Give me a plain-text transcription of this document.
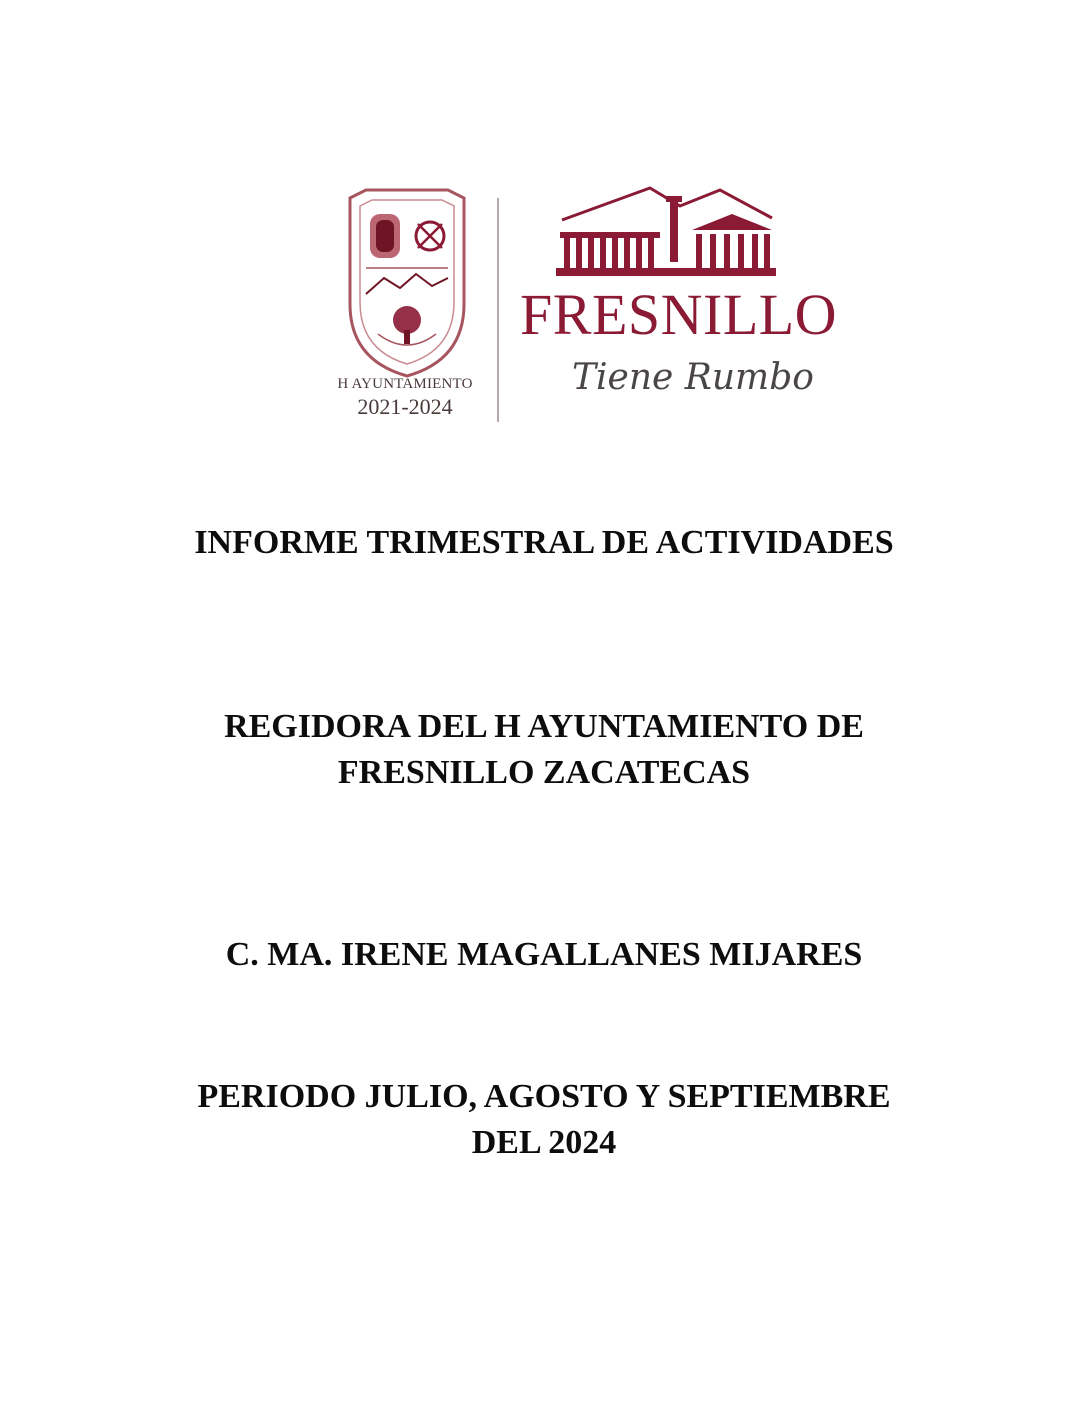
H AYUNTAMIENTO
2021-2024
FRESNILLO
Tiene Rumbo
INFORME TRIMESTRAL DE ACTIVIDADES
REGIDORA DEL H AYUNTAMIENTO DE
FRESNILLO ZACATECAS
C. MA. IRENE MAGALLANES MIJARES
PERIODO JULIO, AGOSTO Y SEPTIEMBRE
DEL 2024
